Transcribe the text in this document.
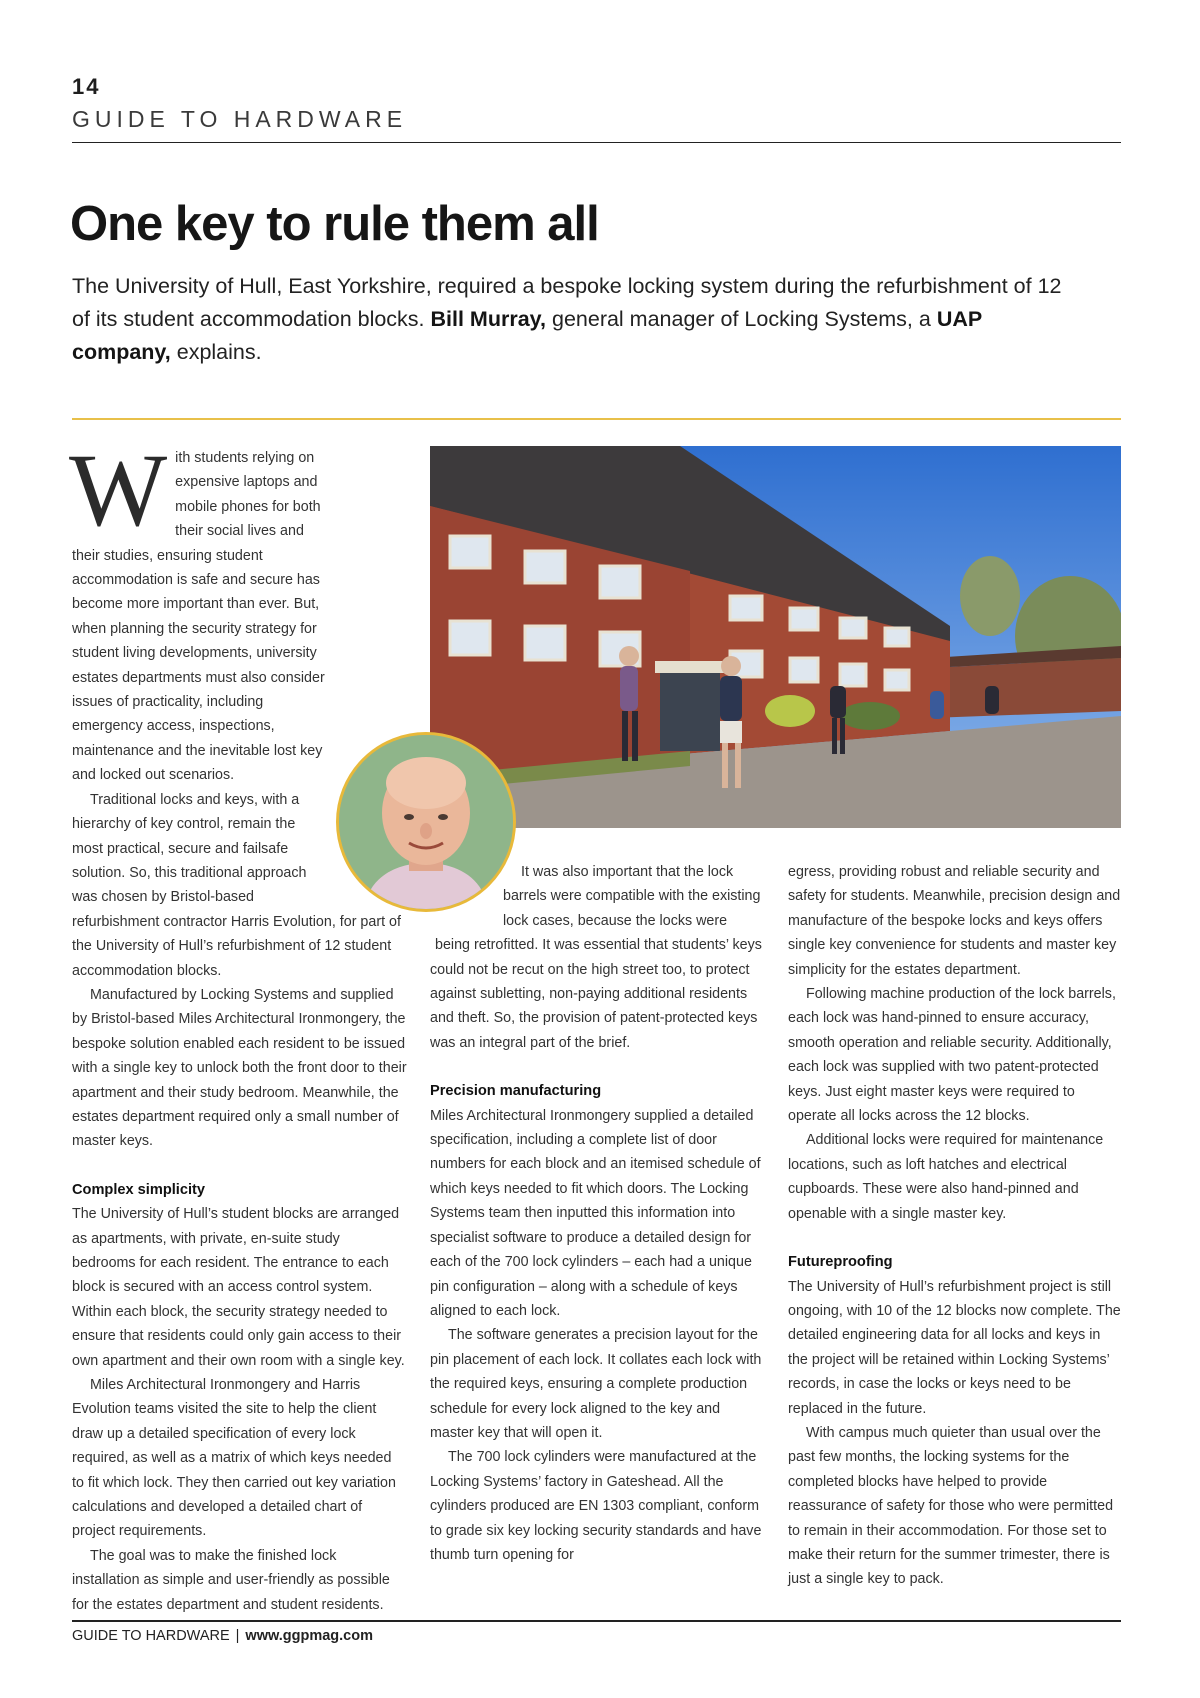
14
GUIDE TO HARDWARE
One key to rule them all

The University of Hull, East Yorkshire, required a bespoke locking system during the refurbishment of 12 of its student accommodation blocks. Bill Murray, general manager of Locking Systems, a UAP company, explains.

W ith students relying on expensive laptops and mobile phones for both their social lives and their studies, ensuring student accommodation is safe and secure has become more important than ever. But, when planning the security strategy for student living developments, university estates departments must also consider issues of practicality, including emergency access, inspections, maintenance and the inevitable lost key and locked out scenarios.

Traditional locks and keys, with a hierarchy of key control, remain the most practical, secure and failsafe solution. So, this traditional approach was chosen by Bristol-based refurbishment contractor Harris Evolution, for part of the University of Hull’s refurbishment of 12 student accommodation blocks.

Manufactured by Locking Systems and supplied by Bristol-based Miles Architectural Ironmongery, the bespoke solution enabled each resident to be issued with a single key to unlock both the front door to their apartment and their study bedroom. Meanwhile, the estates department required only a small number of master keys.

Complex simplicity

The University of Hull’s student blocks are arranged as apartments, with private, en-suite study bedrooms for each resident. The entrance to each block is secured with an access control system. Within each block, the security strategy needed to ensure that residents could only gain access to their own apartment and their own room with a single key.

Miles Architectural Ironmongery and Harris Evolution teams visited the site to help the client draw up a detailed specification of every lock required, as well as a matrix of which keys needed to fit which lock. They then carried out key variation calculations and developed a detailed chart of project requirements.

The goal was to make the finished lock installation as simple and user-friendly as possible for the estates department and student residents.

It was also important that the lock barrels were compatible with the existing lock cases, because the locks were being retrofitted. It was essential that students’ keys could not be recut on the high street too, to protect against subletting, non-paying additional residents and theft. So, the provision of patent-protected keys was an integral part of the brief.

Precision manufacturing

Miles Architectural Ironmongery supplied a detailed specification, including a complete list of door numbers for each block and an itemised schedule of which keys needed to fit which doors. The Locking Systems team then inputted this information into specialist software to produce a detailed design for each of the 700 lock cylinders – each had a unique pin configuration – along with a schedule of keys aligned to each lock.

The software generates a precision layout for the pin placement of each lock. It collates each lock with the required keys, ensuring a complete production schedule for every lock aligned to the key and master key that will open it.

The 700 lock cylinders were manufactured at the Locking Systems’ factory in Gateshead. All the cylinders produced are EN 1303 compliant, conform to grade six key locking security standards and have thumb turn opening for

egress, providing robust and reliable security and safety for students. Meanwhile, precision design and manufacture of the bespoke locks and keys offers single key convenience for students and master key simplicity for the estates department.

Following machine production of the lock barrels, each lock was hand-pinned to ensure accuracy, smooth operation and reliable security. Additionally, each lock was supplied with two patent-protected keys. Just eight master keys were required to operate all locks across the 12 blocks.

Additional locks were required for maintenance locations, such as loft hatches and electrical cupboards. These were also hand-pinned and openable with a single master key.

Futureproofing

The University of Hull’s refurbishment project is still ongoing, with 10 of the 12 blocks now complete. The detailed engineering data for all locks and keys in the project will be retained within Locking Systems’ records, in case the locks or keys need to be replaced in the future.

With campus much quieter than usual over the past few months, the locking systems for the completed blocks have helped to provide reassurance of safety for those who were permitted to remain in their accommodation. For those set to make their return for the summer trimester, there is just a single key to pack.

GUIDE TO HARDWARE | www.ggpmag.com
